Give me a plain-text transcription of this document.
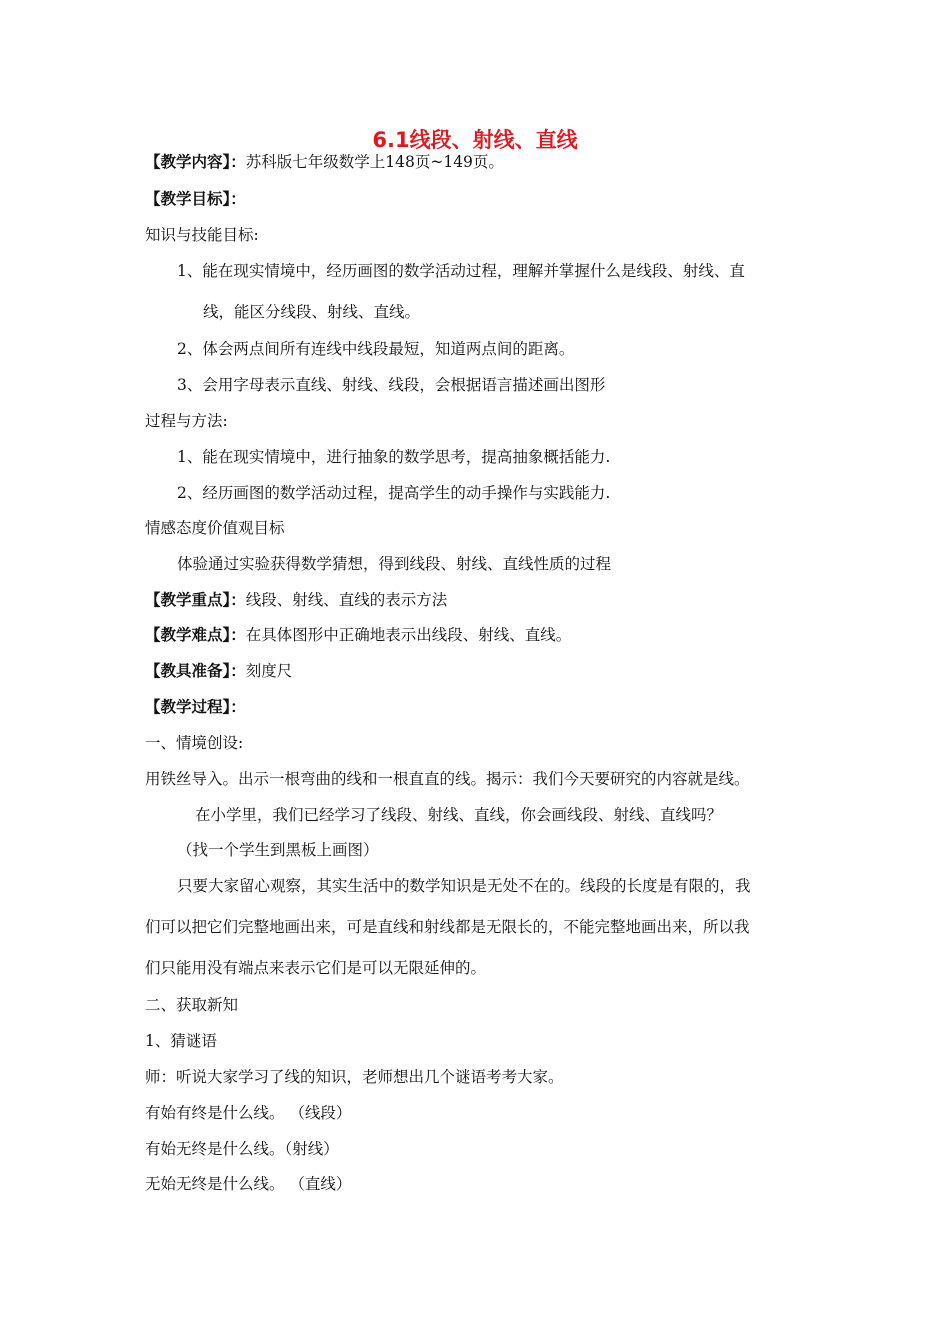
6.1线段、射线、直线
【教学内容】：苏科版七年级数学上148页~149页。
【教学目标】：
知识与技能目标:
1、能在现实情境中，经历画图的数学活动过程，理解并掌握什么是线段、射线、直
线，能区分线段、射线、直线。
2、体会两点间所有连线中线段最短，知道两点间的距离。
3、会用字母表示直线、射线、线段，会根据语言描述画出图形
过程与方法:
1、能在现实情境中，进行抽象的数学思考，提高抽象概括能力.
2、经历画图的数学活动过程，提高学生的动手操作与实践能力.
情感态度价值观目标
体验通过实验获得数学猜想，得到线段、射线、直线性质的过程
【教学重点】：线段、射线、直线的表示方法
【教学难点】：在具体图形中正确地表示出线段、射线、直线。
【教具准备】：刻度尺
【教学过程】：
一、情境创设:
用铁丝导入。出示一根弯曲的线和一根直直的线。揭示：我们今天要研究的内容就是线。
在小学里，我们已经学习了线段、射线、直线，你会画线段、射线、直线吗？
（找一个学生到黑板上画图）
只要大家留心观察，其实生活中的数学知识是无处不在的。线段的长度是有限的，我
们可以把它们完整地画出来，可是直线和射线都是无限长的，不能完整地画出来，所以我
们只能用没有端点来表示它们是可以无限延伸的。
二、获取新知
1、猜谜语
师：听说大家学习了线的知识，老师想出几个谜语考考大家。
有始有终是什么线。 （线段）
有始无终是什么线。（射线）
无始无终是什么线。 （直线）
